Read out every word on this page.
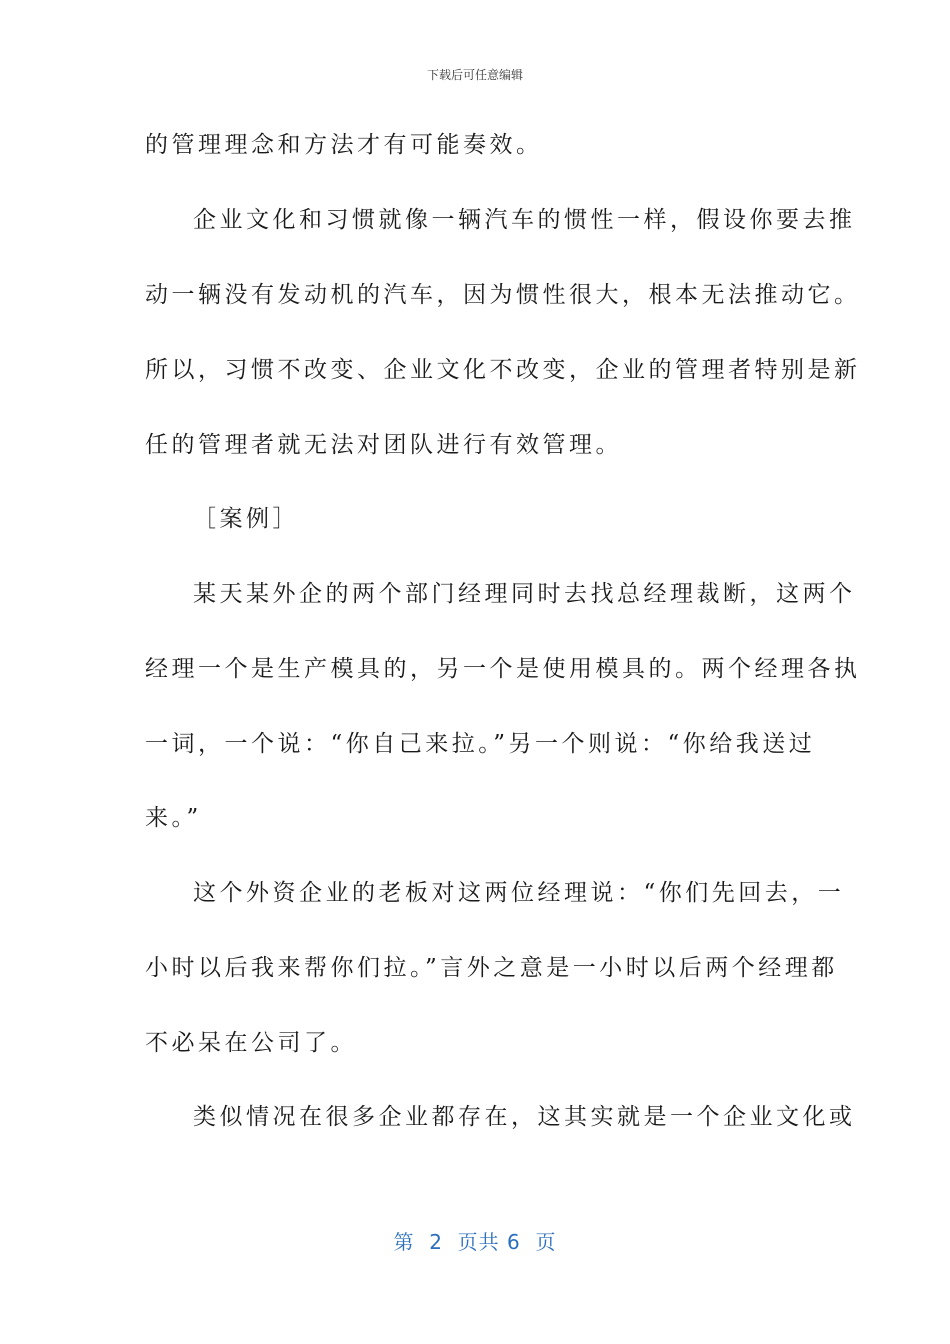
下载后可任意编辑
的管理理念和方法才有可能奏效。
企业文化和习惯就像一辆汽车的惯性一样，假设你要去推
动一辆没有发动机的汽车，因为惯性很大，根本无法推动它。
所以，习惯不改变、企业文化不改变，企业的管理者特别是新
任的管理者就无法对团队进行有效管理。
［案例］
某天某外企的两个部门经理同时去找总经理裁断，这两个
经理一个是生产模具的，另一个是使用模具的。两个经理各执
一词，一个说：“你自己来拉。”另一个则说：“你给我送过
来。”
这个外资企业的老板对这两位经理说：“你们先回去，一
小时以后我来帮你们拉。”言外之意是一小时以后两个经理都
不必呆在公司了。
类似情况在很多企业都存在，这其实就是一个企业文化或
第  2  页共 6  页
